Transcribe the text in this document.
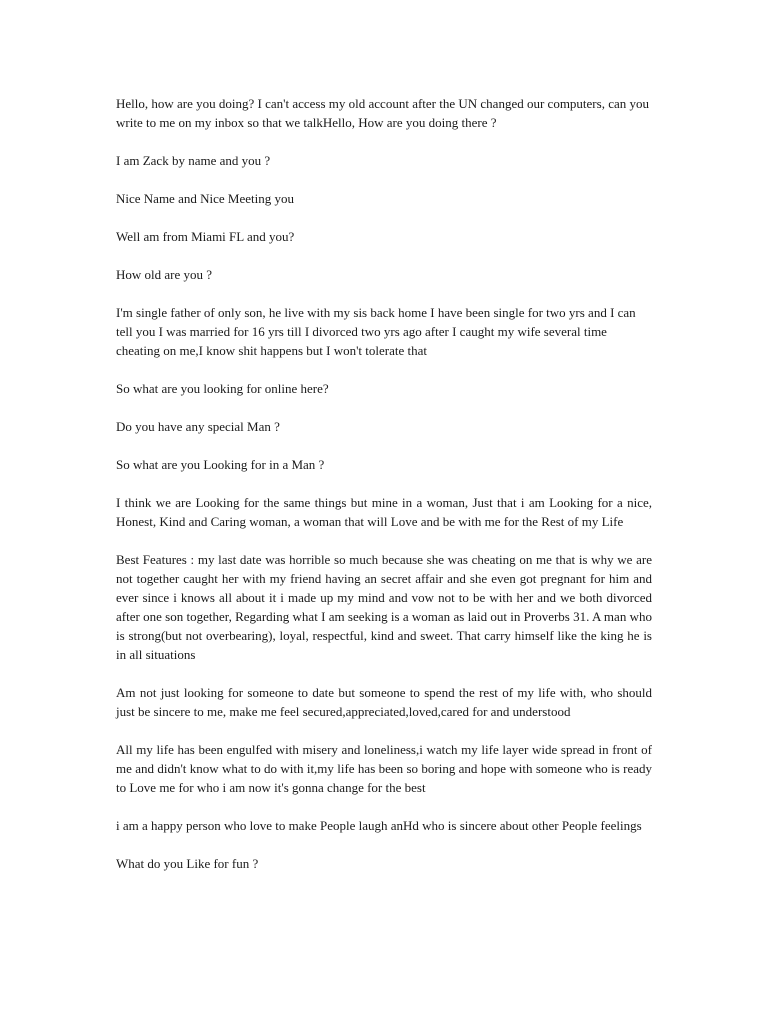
Hello, how are you doing? I can't access my old account after the UN changed our computers, can you write to me on my inbox so that we talkHello, How are you doing there ?

I am Zack by name and you ?

Nice Name and Nice Meeting you

Well am from Miami FL and you?

How old are you ?

I'm single father of only son, he live with my sis back home I have been single for two yrs and I can tell you I was married for 16 yrs till I divorced two yrs ago after I caught my wife several time cheating on me,I know shit happens but I won't tolerate that

So what are you looking for online here?

Do you have any special Man ?

So what are you Looking for in a Man ?

I think we are Looking for the same things but mine in a woman, Just that i am Looking for a nice, Honest, Kind and Caring woman, a woman that will Love and be with me for the Rest of my Life

Best Features : my last date was horrible so much because she was cheating on me that is why we are not together caught her with my friend having an secret affair and she even got pregnant for him and ever since i knows all about it i made up my mind and vow not to be with her and we both divorced after one son together, Regarding what I am seeking is a woman as laid out in Proverbs 31. A man who is strong(but not overbearing), loyal, respectful, kind and sweet. That carry himself like the king he is in all situations

Am not just looking for someone to date but someone to spend the rest of my life with, who should just be sincere to me, make me feel secured,appreciated,loved,cared for and understood

All my life has been engulfed with misery and loneliness,i watch my life layer wide spread in front of me and didn't know what to do with it,my life has been so boring and hope with someone who is ready to Love me for who i am now it's gonna change for the best

i am a happy person who love to make People laugh anHd who is sincere about other People feelings

What do you Like for fun ?
